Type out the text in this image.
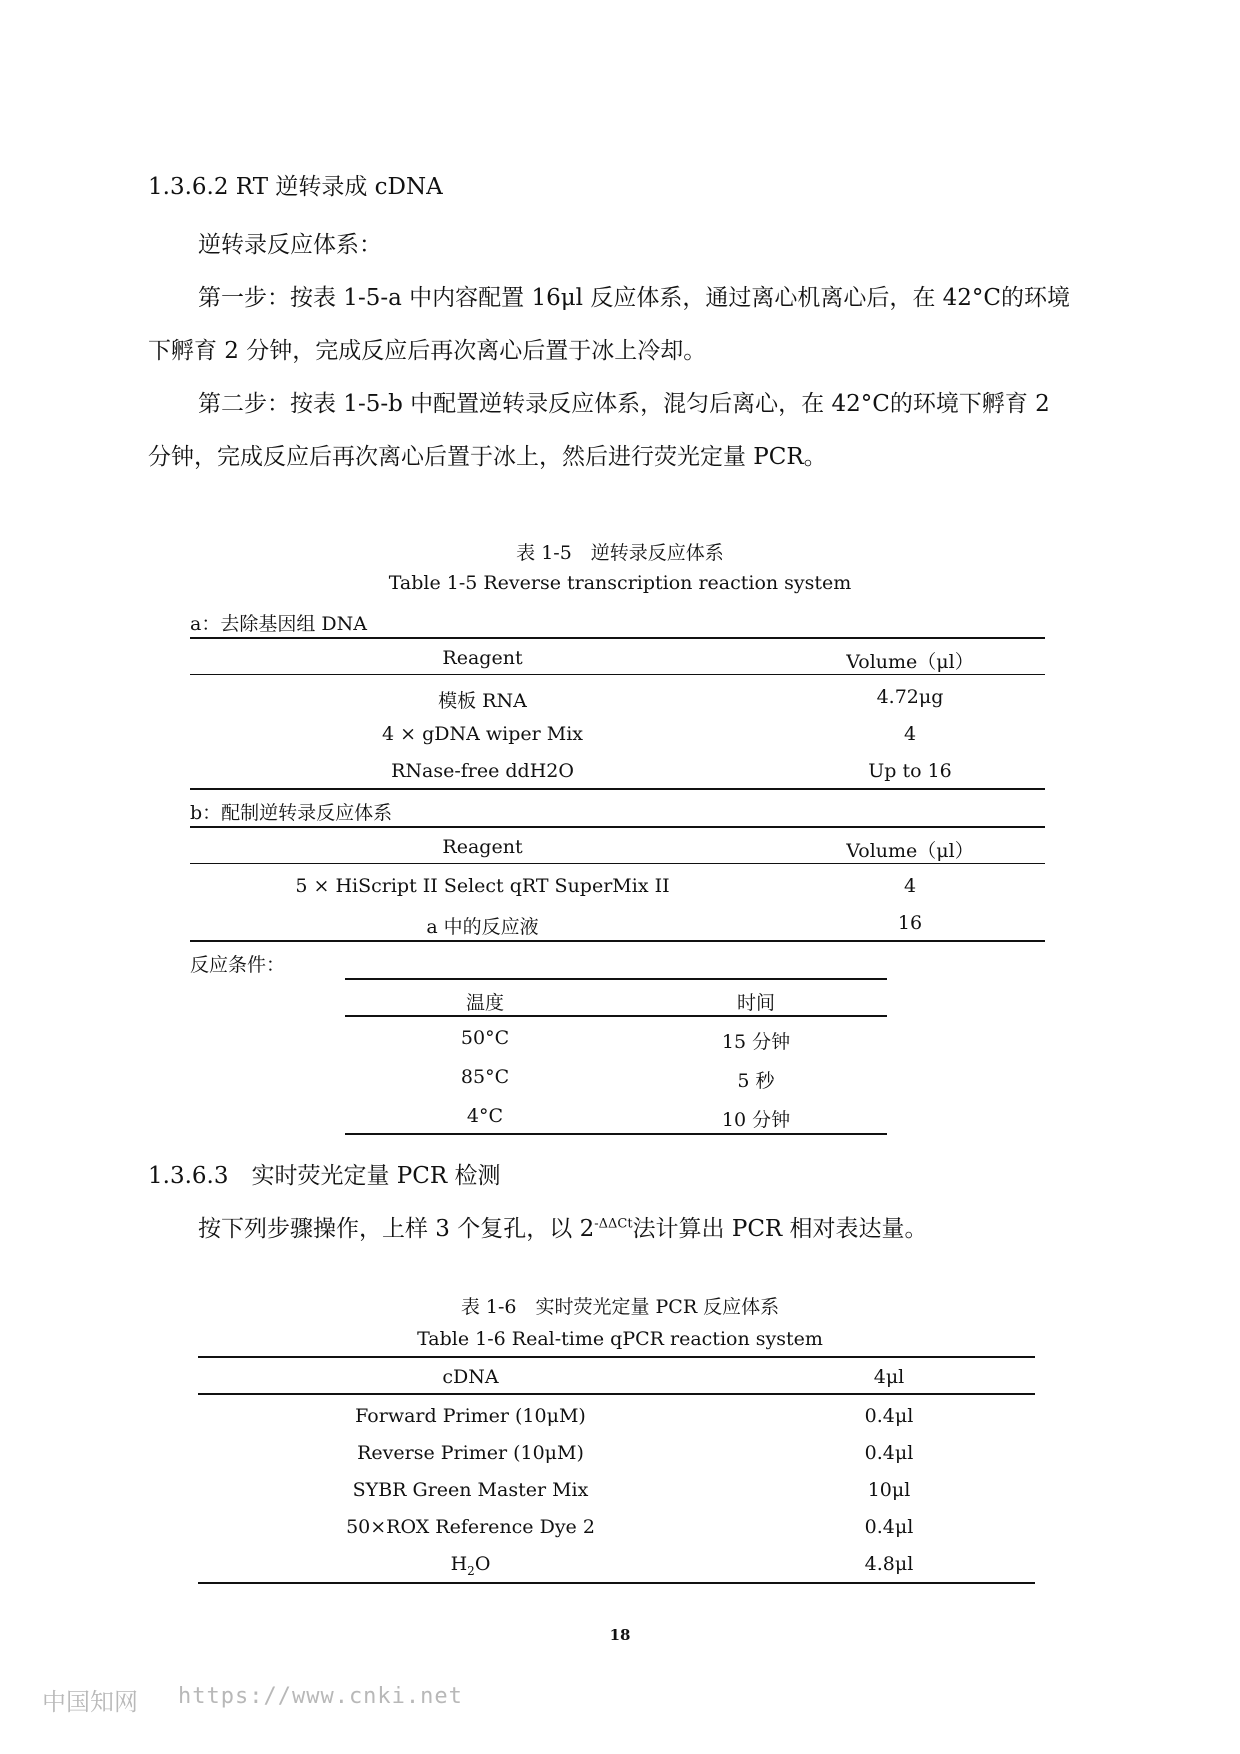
1.3.6.2 RT 逆转录成 cDNA
逆转录反应体系：
第一步：按表 1-5-a 中内容配置 16μl 反应体系，通过离心机离心后，在 42°C的环境
下孵育 2 分钟，完成反应后再次离心后置于冰上冷却。
第二步：按表 1-5-b 中配置逆转录反应体系，混匀后离心，在 42°C的环境下孵育 2
分钟，完成反应后再次离心后置于冰上，然后进行荧光定量 PCR。
表 1-5　逆转录反应体系
Table 1-5 Reverse transcription reaction system
a：去除基因组 DNA
Reagent	Volume（μl）
模板 RNA	4.72μg
4 × gDNA wiper Mix	4
RNase-free ddH2O	Up to 16
b：配制逆转录反应体系
Reagent	Volume（μl）
5 × HiScript II Select qRT SuperMix II	4
a 中的反应液	16
反应条件：
温度	时间
50°C	15 分钟
85°C	5 秒
4°C	10 分钟
1.3.6.3　实时荧光定量 PCR 检测
按下列步骤操作，上样 3 个复孔，以 $2^{-\Delta\Delta Ct}$法计算出 PCR 相对表达量。
表 1-6　实时荧光定量 PCR 反应体系
Table 1-6 Real-time qPCR reaction system
cDNA	4μl
Forward Primer (10μM)	0.4μl
Reverse Primer (10μM)	0.4μl
SYBR Green Master Mix	10μl
50×ROX Reference Dye 2	0.4μl
$H_2O$	4.8μl
18
中国知网 https://www.cnki.net
